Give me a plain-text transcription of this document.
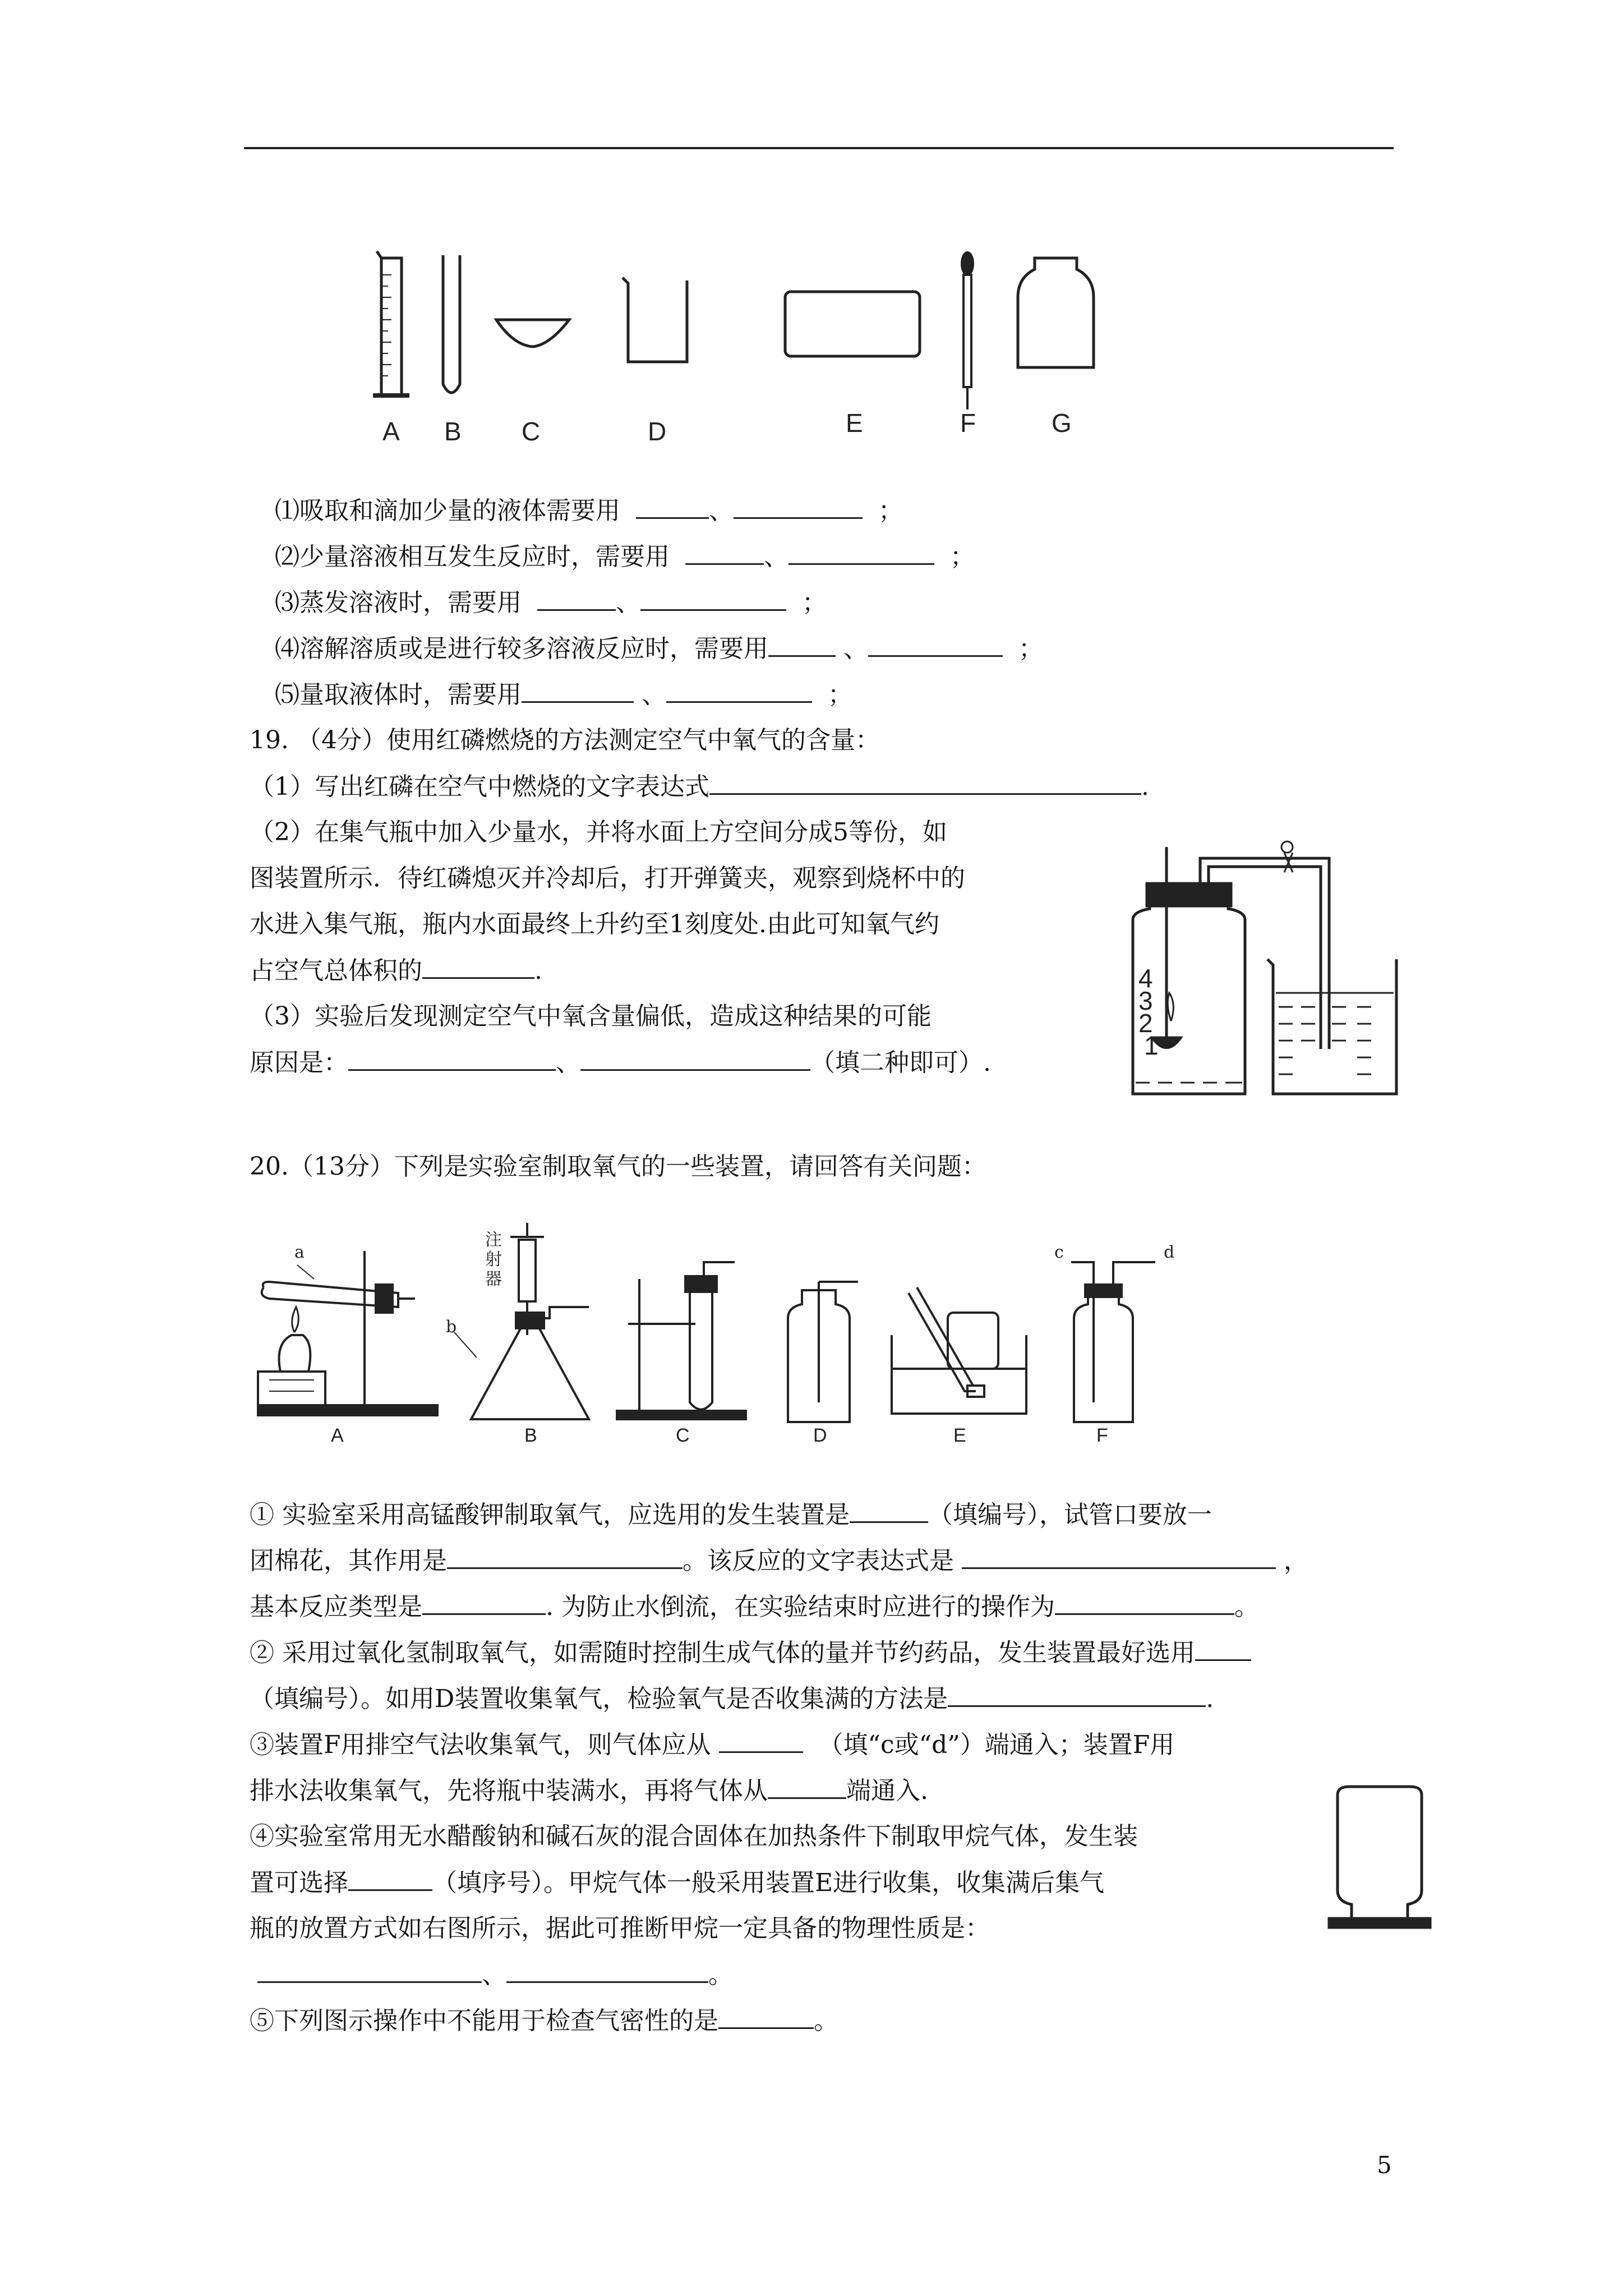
A B C	D	E	F	G
⑴吸取和滴加少量的液体需要用	、	；
⑵少量溶液相互发生反应时，需要用	、	；
⑶蒸发溶液时，需要用	、	；
⑷溶解溶质或是进行较多溶液反应时，需要用	、	；
⑸量取液体时，需要用	、	；
19. （4分）使用红磷燃烧的方法测定空气中氧气的含量：
（1）写出红磷在空气中燃烧的文字表达式	.
（2）在集气瓶中加入少量水，并将水面上方空间分成5等份，如
图装置所示．待红磷熄灭并冷却后，打开弹簧夹，观察到烧杯中的
水进入集气瓶，瓶内水面最终上升约至1刻度处.由此可知氧气约
占空气总体积的	.
（3）实验后发现测定空气中氧含量偏低，造成这种结果的可能
原因是：	、	（填二种即可）.
4
3
2
1
20.（13分）下列是实验室制取氧气的一些装置，请回答有关问题：
a
b
c	d
注
射
器
A	B	C	D	E	F
① 实验室采用高锰酸钾制取氧气，应选用的发生装置是	（填编号），试管口要放一
团棉花，其作用是	。该反应的文字表达式是	，
基本反应类型是	. 为防止水倒流，在实验结束时应进行的操作为	。
② 采用过氧化氢制取氧气，如需随时控制生成气体的量并节约药品，发生装置最好选用
（填编号）。如用D装置收集氧气，检验氧气是否收集满的方法是	.
③装置F用排空气法收集氧气，则气体应从	（填“c或“d”）端通入；装置F用
排水法收集氧气，先将瓶中装满水，再将气体从	端通入.
④实验室常用无水醋酸钠和碱石灰的混合固体在加热条件下制取甲烷气体，发生装
置可选择	（填序号）。甲烷气体一般采用装置E进行收集，收集满后集气
瓶的放置方式如右图所示，据此可推断甲烷一定具备的物理性质是：
、	。
⑤下列图示操作中不能用于检查气密性的是	。
5
